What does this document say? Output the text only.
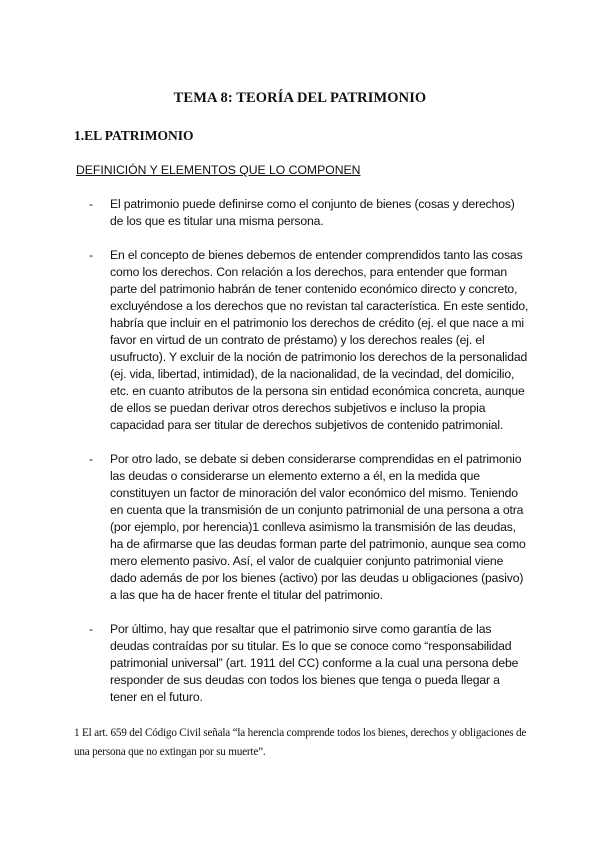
TEMA 8: TEORÍA DEL PATRIMONIO
1.EL PATRIMONIO
DEFINICIÓN Y ELEMENTOS QUE LO COMPONEN
- El patrimonio puede definirse como el conjunto de bienes (cosas y derechos) de los que es titular una misma persona.
- En el concepto de bienes debemos de entender comprendidos tanto las cosas como los derechos. Con relación a los derechos, para entender que forman parte del patrimonio habrán de tener contenido económico directo y concreto, excluyéndose a los derechos que no revistan tal característica. En este sentido, habría que incluir en el patrimonio los derechos de crédito (ej. el que nace a mi favor en virtud de un contrato de préstamo) y los derechos reales (ej. el usufructo). Y excluir de la noción de patrimonio los derechos de la personalidad (ej. vida, libertad, intimidad), de la nacionalidad, de la vecindad, del domicilio, etc. en cuanto atributos de la persona sin entidad económica concreta, aunque de ellos se puedan derivar otros derechos subjetivos e incluso la propia capacidad para ser titular de derechos subjetivos de contenido patrimonial.
- Por otro lado, se debate si deben considerarse comprendidas en el patrimonio las deudas o considerarse un elemento externo a él, en la medida que constituyen un factor de minoración del valor económico del mismo. Teniendo en cuenta que la transmisión de un conjunto patrimonial de una persona a otra (por ejemplo, por herencia)1 conlleva asimismo la transmisión de las deudas, ha de afirmarse que las deudas forman parte del patrimonio, aunque sea como mero elemento pasivo. Así, el valor de cualquier conjunto patrimonial viene dado además de por los bienes (activo) por las deudas u obligaciones (pasivo) a las que ha de hacer frente el titular del patrimonio.
- Por último, hay que resaltar que el patrimonio sirve como garantía de las deudas contraídas por su titular. Es lo que se conoce como “responsabilidad patrimonial universal” (art. 1911 del CC) conforme a la cual una persona debe responder de sus deudas con todos los bienes que tenga o pueda llegar a tener en el futuro.
1 El art. 659 del Código Civil señala “la herencia comprende todos los bienes, derechos y obligaciones de una persona que no extingan por su muerte”.
